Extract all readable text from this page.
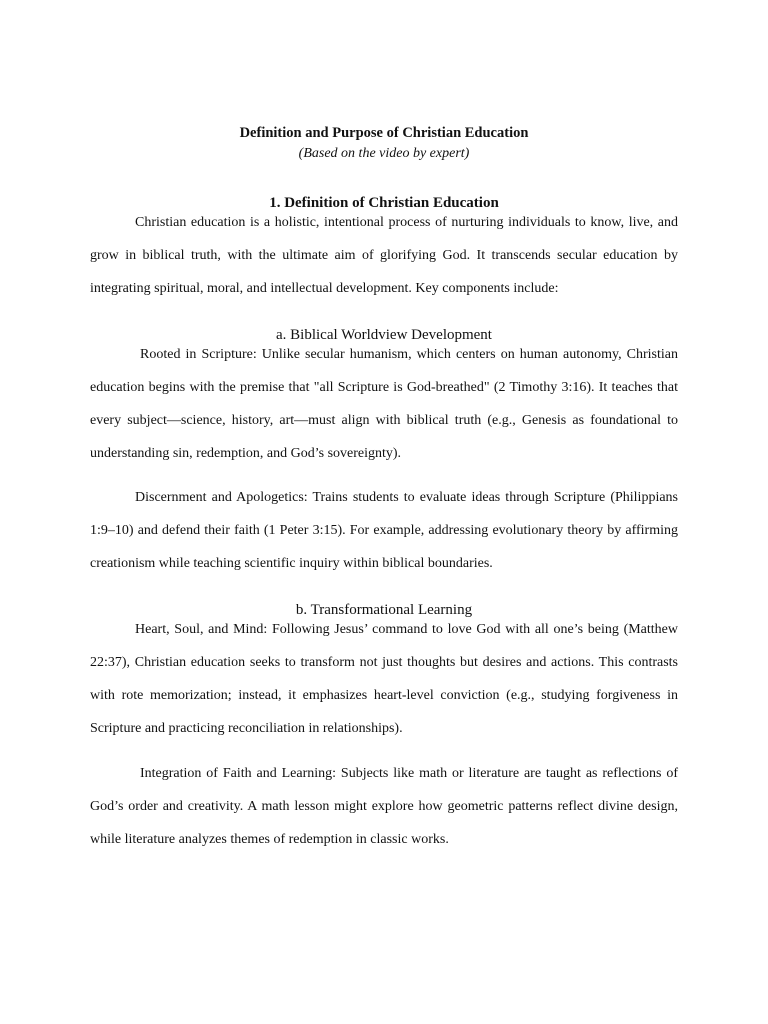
Definition and Purpose of Christian Education
(Based on the video by expert)
1. Definition of Christian Education

Christian education is a holistic, intentional process of nurturing individuals to know, live, and grow in biblical truth, with the ultimate aim of glorifying God. It transcends secular education by integrating spiritual, moral, and intellectual development. Key components include:

a. Biblical Worldview Development

Rooted in Scripture: Unlike secular humanism, which centers on human autonomy, Christian education begins with the premise that "all Scripture is God-breathed" (2 Timothy 3:16). It teaches that every subject—science, history, art—must align with biblical truth (e.g., Genesis as foundational to understanding sin, redemption, and God’s sovereignty).

Discernment and Apologetics: Trains students to evaluate ideas through Scripture (Philippians 1:9–10) and defend their faith (1 Peter 3:15). For example, addressing evolutionary theory by affirming creationism while teaching scientific inquiry within biblical boundaries.

b. Transformational Learning

Heart, Soul, and Mind: Following Jesus’ command to love God with all one’s being (Matthew 22:37), Christian education seeks to transform not just thoughts but desires and actions. This contrasts with rote memorization; instead, it emphasizes heart-level conviction (e.g., studying forgiveness in Scripture and practicing reconciliation in relationships).

Integration of Faith and Learning: Subjects like math or literature are taught as reflections of God’s order and creativity. A math lesson might explore how geometric patterns reflect divine design, while literature analyzes themes of redemption in classic works.
